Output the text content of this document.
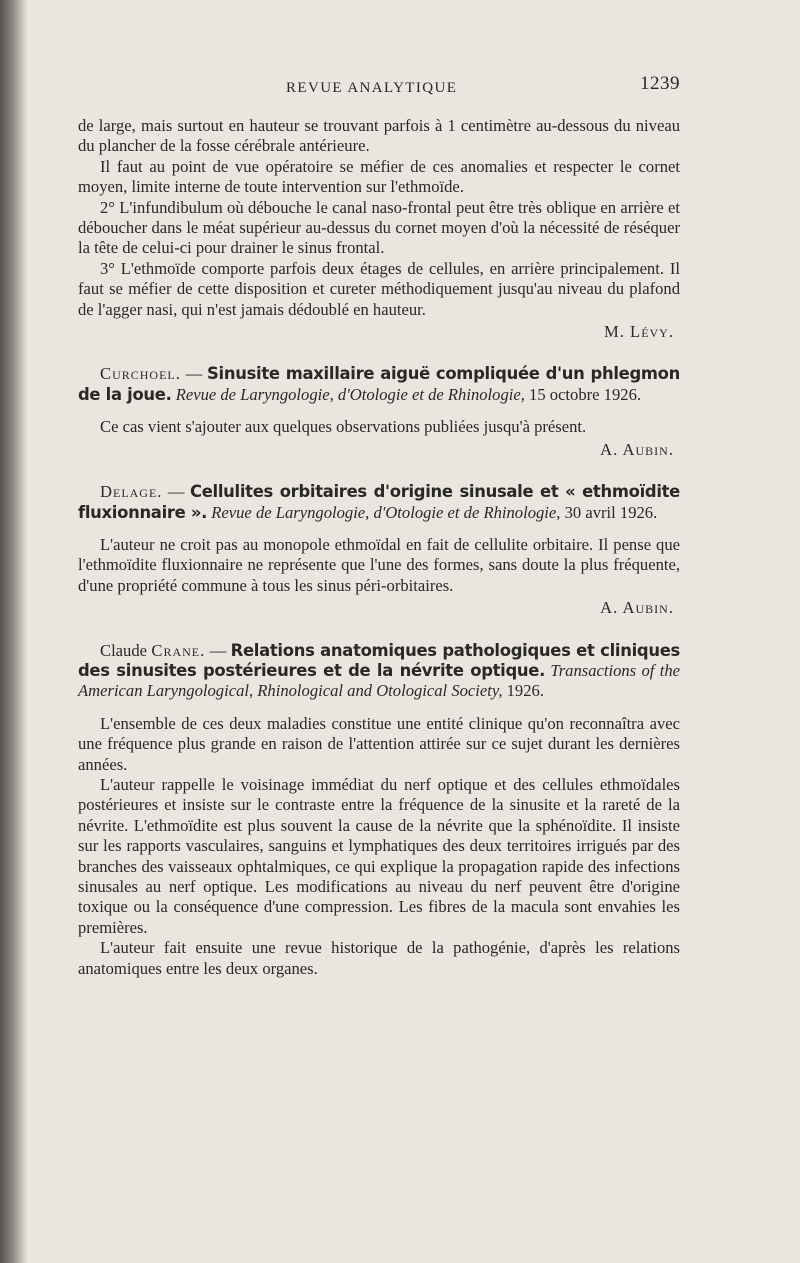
REVUE ANALYTIQUE	1239

de large, mais surtout en hauteur se trouvant parfois à 1 centimètre au-dessous du niveau du plancher de la fosse cérébrale antérieure.

Il faut au point de vue opératoire se méfier de ces anomalies et respecter le cornet moyen, limite interne de toute intervention sur l'ethmoïde.

2° L'infundibulum où débouche le canal naso-frontal peut être très oblique en arrière et déboucher dans le méat supérieur au-dessus du cornet moyen d'où la nécessité de réséquer la tête de celui-ci pour drainer le sinus frontal.

3° L'ethmoïde comporte parfois deux étages de cellules, en arrière principalement. Il faut se méfier de cette disposition et cureter méthodiquement jusqu'au niveau du plafond de l'agger nasi, qui n'est jamais dédoublé en hauteur.

M. Lévy.

Curchoel. — Sinusite maxillaire aiguë compliquée d'un phlegmon de la joue. Revue de Laryngologie, d'Otologie et de Rhinologie, 15 octobre 1926.

Ce cas vient s'ajouter aux quelques observations publiées jusqu'à présent.

A. Aubin.

Delage. — Cellulites orbitaires d'origine sinusale et « ethmoïdite fluxionnaire ». Revue de Laryngologie, d'Otologie et de Rhinologie, 30 avril 1926.

L'auteur ne croit pas au monopole ethmoïdal en fait de cellulite orbitaire. Il pense que l'ethmoïdite fluxionnaire ne représente que l'une des formes, sans doute la plus fréquente, d'une propriété commune à tous les sinus péri-orbitaires.

A. Aubin.

Claude Crane. — Relations anatomiques pathologiques et cliniques des sinusites postérieures et de la névrite optique. Transactions of the American Laryngological, Rhinological and Otological Society, 1926.

L'ensemble de ces deux maladies constitue une entité clinique qu'on reconnaîtra avec une fréquence plus grande en raison de l'attention attirée sur ce sujet durant les dernières années.

L'auteur rappelle le voisinage immédiat du nerf optique et des cellules ethmoïdales postérieures et insiste sur le contraste entre la fréquence de la sinusite et la rareté de la névrite. L'ethmoïdite est plus souvent la cause de la névrite que la sphénoïdite. Il insiste sur les rapports vasculaires, sanguins et lymphatiques des deux territoires irrigués par des branches des vaisseaux ophtalmiques, ce qui explique la propagation rapide des infections sinusales au nerf optique. Les modifications au niveau du nerf peuvent être d'origine toxique ou la conséquence d'une compression. Les fibres de la macula sont envahies les premières.

L'auteur fait ensuite une revue historique de la pathogénie, d'après les relations anatomiques entre les deux organes.
